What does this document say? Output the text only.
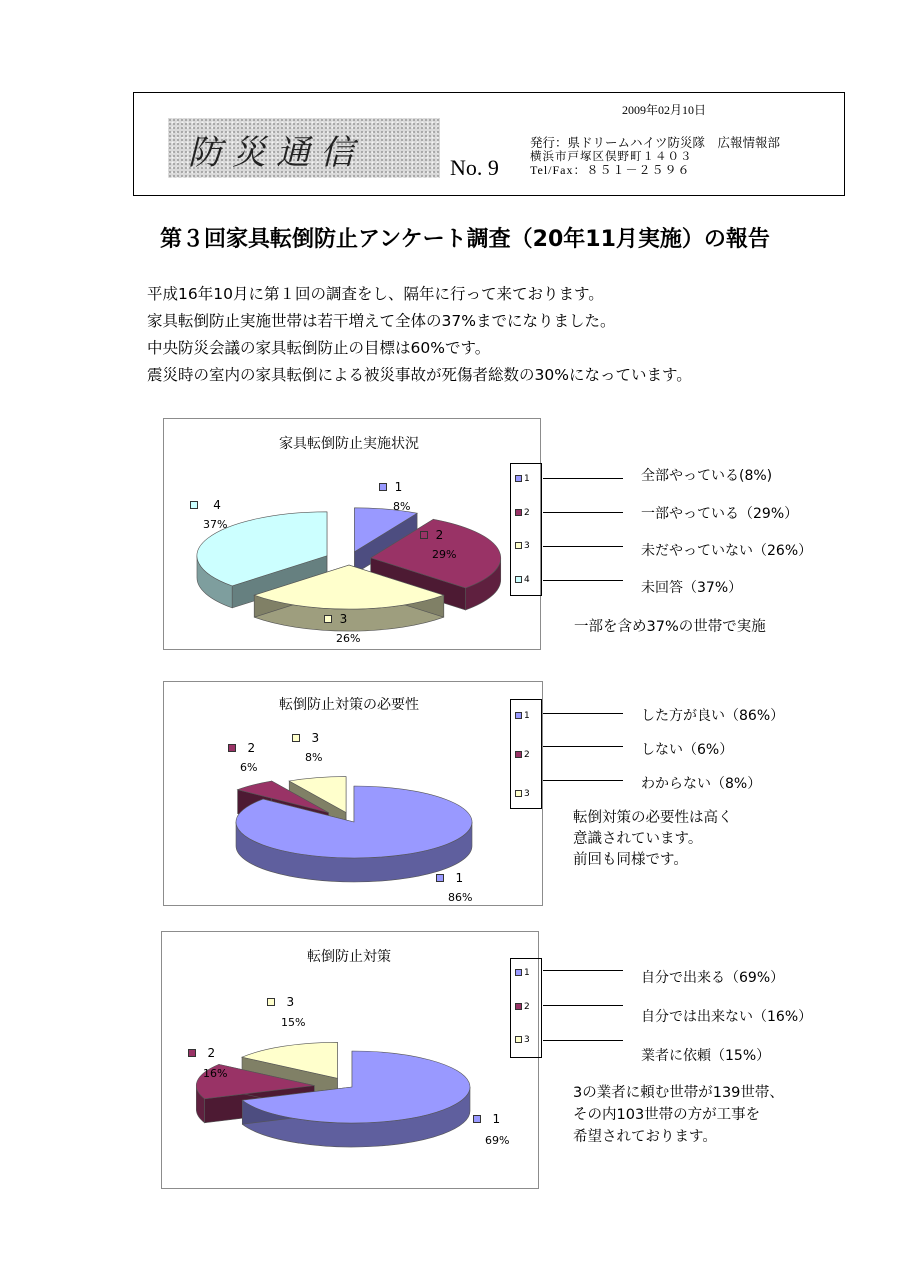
防災通信	No. 9
2009年02月10日
発行：県ドリームハイツ防災隊　広報情報部
横浜市戸塚区俣野町１４０３
Tel/Fax：８５１－２５９６
第３回家具転倒防止アンケート調査（20年11月実施）の報告
平成16年10月に第１回の調査をし、隔年に行って来ております。
家具転倒防止実施世帯は若干増えて全体の37%までになりました。
中央防災会議の家具転倒防止の目標は60%です。
震災時の室内の家具転倒による被災事故が死傷者総数の30%になっています。
家具転倒防止実施状況
1
8%
2
29%
3
26%
4
37%
1
2
3
4
全部やっている(8%)
一部やっている（29%）
未だやっていない（26%）
未回答（37%）
一部を含め37%の世帯で実施
転倒防止対策の必要性
1
86%
2
6%
3
8%
1
2
3
した方が良い（86%）
しない（6%）
わからない（8%）
転倒対策の必要性は高く
意識されています。
前回も同様です。
転倒防止対策
1
69%
2
16%
3
15%
1
2
3
自分で出来る（69%）
自分では出来ない（16%）
業者に依頼（15%）
3の業者に頼む世帯が139世帯、
その内103世帯の方が工事を
希望されております。
